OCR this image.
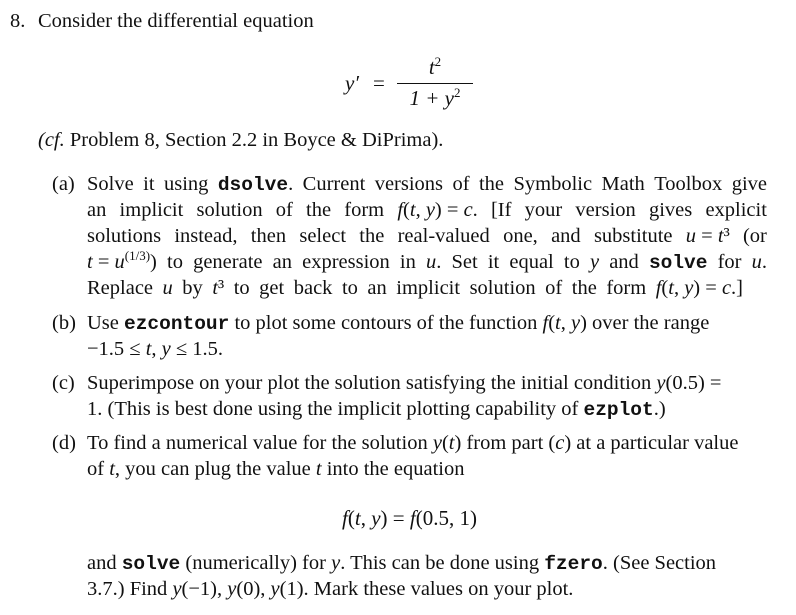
8. Consider the differential equation
y′ =
$t^2$
$1 + y^2$
(cf. Problem 8, Section 2.2 in Boyce & DiPrima).
(a) Solve it using dsolve. Current versions of the Symbolic Math Toolbox give
an implicit solution of the form f(t, y) = c. [If your version gives explicit
solutions instead, then select the real-valued one, and substitute u = t³ (or
$t = u^{(1/3)}$) to generate an expression in u. Set it equal to y and solve for u.
Replace u by t³ to get back to an implicit solution of the form f(t, y) = c.]
(b) Use ezcontour to plot some contours of the function f(t, y) over the range
−1.5 ≤ t, y ≤ 1.5.
(c) Superimpose on your plot the solution satisfying the initial condition y(0.5) =
1. (This is best done using the implicit plotting capability of ezplot.)
(d) To find a numerical value for the solution y(t) from part (c) at a particular value
of t, you can plug the value t into the equation
and solve (numerically) for y. This can be done using fzero. (See Section
3.7.) Find y(−1), y(0), y(1). Mark these values on your plot.
f(t, y) = f(0.5, 1)
